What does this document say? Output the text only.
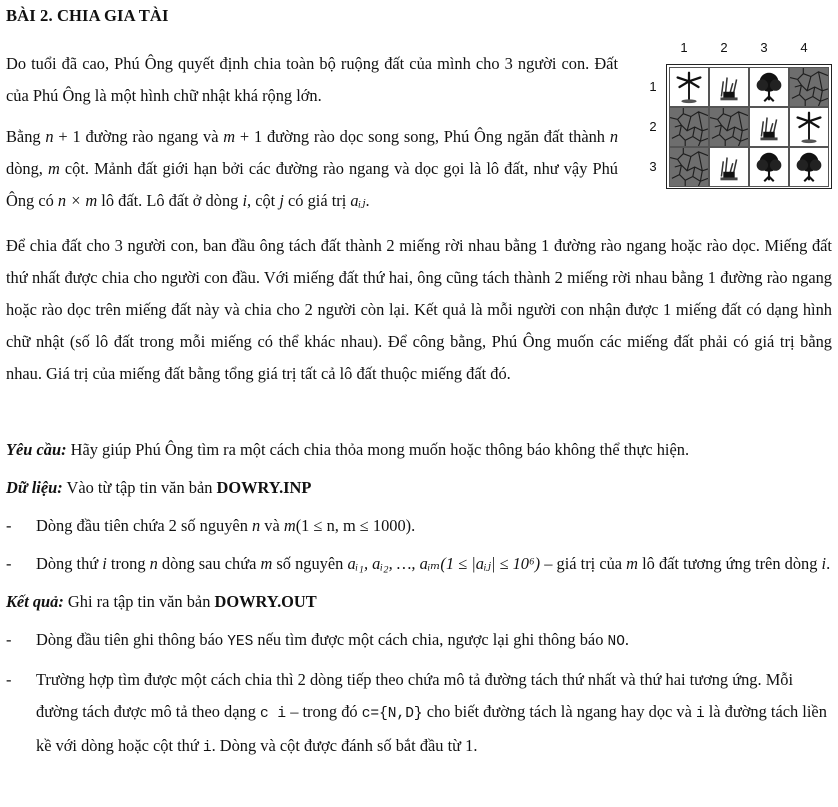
BÀI 2. CHIA GIA TÀI

Do tuổi đã cao, Phú Ông quyết định chia toàn bộ ruộng đất của mình cho 3 người con. Đất của Phú Ông là một hình chữ nhật khá rộng lớn.

Bằng n + 1 đường rào ngang và m + 1 đường rào dọc song song, Phú Ông ngăn đất thành n dòng, m cột. Mảnh đất giới hạn bởi các đường rào ngang và dọc gọi là lô đất, như vậy Phú Ông có n × m lô đất. Lô đất ở dòng i, cột j có giá trị aᵢⱼ.

1	2	3	4
1
2
3

Để chia đất cho 3 người con, ban đầu ông tách đất thành 2 miếng rời nhau bằng 1 đường rào ngang hoặc rào dọc. Miếng đất thứ nhất được chia cho người con đầu. Với miếng đất thứ hai, ông cũng tách thành 2 miếng rời nhau bằng 1 đường rào ngang hoặc rào dọc trên miếng đất này và chia cho 2 người còn lại. Kết quả là mỗi người con nhận được 1 miếng đất có dạng hình chữ nhật (số lô đất trong mỗi miếng có thể khác nhau). Để công bằng, Phú Ông muốn các miếng đất phải có giá trị bằng nhau. Giá trị của miếng đất bằng tổng giá trị tất cả lô đất thuộc miếng đất đó.

Yêu cầu: Hãy giúp Phú Ông tìm ra một cách chia thỏa mong muốn hoặc thông báo không thể thực hiện.

Dữ liệu: Vào từ tập tin văn bản DOWRY.INP

- Dòng đầu tiên chứa 2 số nguyên n và m(1 ≤ n, m ≤ 1000).
- Dòng thứ i trong n dòng sau chứa m số nguyên aᵢ₁, aᵢ₂, …, aᵢₘ(1 ≤ |aᵢⱼ| ≤ 10⁶) – giá trị của m lô đất tương ứng trên dòng i.

Kết quả: Ghi ra tập tin văn bản DOWRY.OUT

- Dòng đầu tiên ghi thông báo YES nếu tìm được một cách chia, ngược lại ghi thông báo NO.
- Trường hợp tìm được một cách chia thì 2 dòng tiếp theo chứa mô tả đường tách thứ nhất và thứ hai tương ứng. Mỗi đường tách được mô tả theo dạng c i – trong đó c={N,D} cho biết đường tách là ngang hay dọc và i là đường tách liền kề với dòng hoặc cột thứ i. Dòng và cột được đánh số bắt đầu từ 1.
